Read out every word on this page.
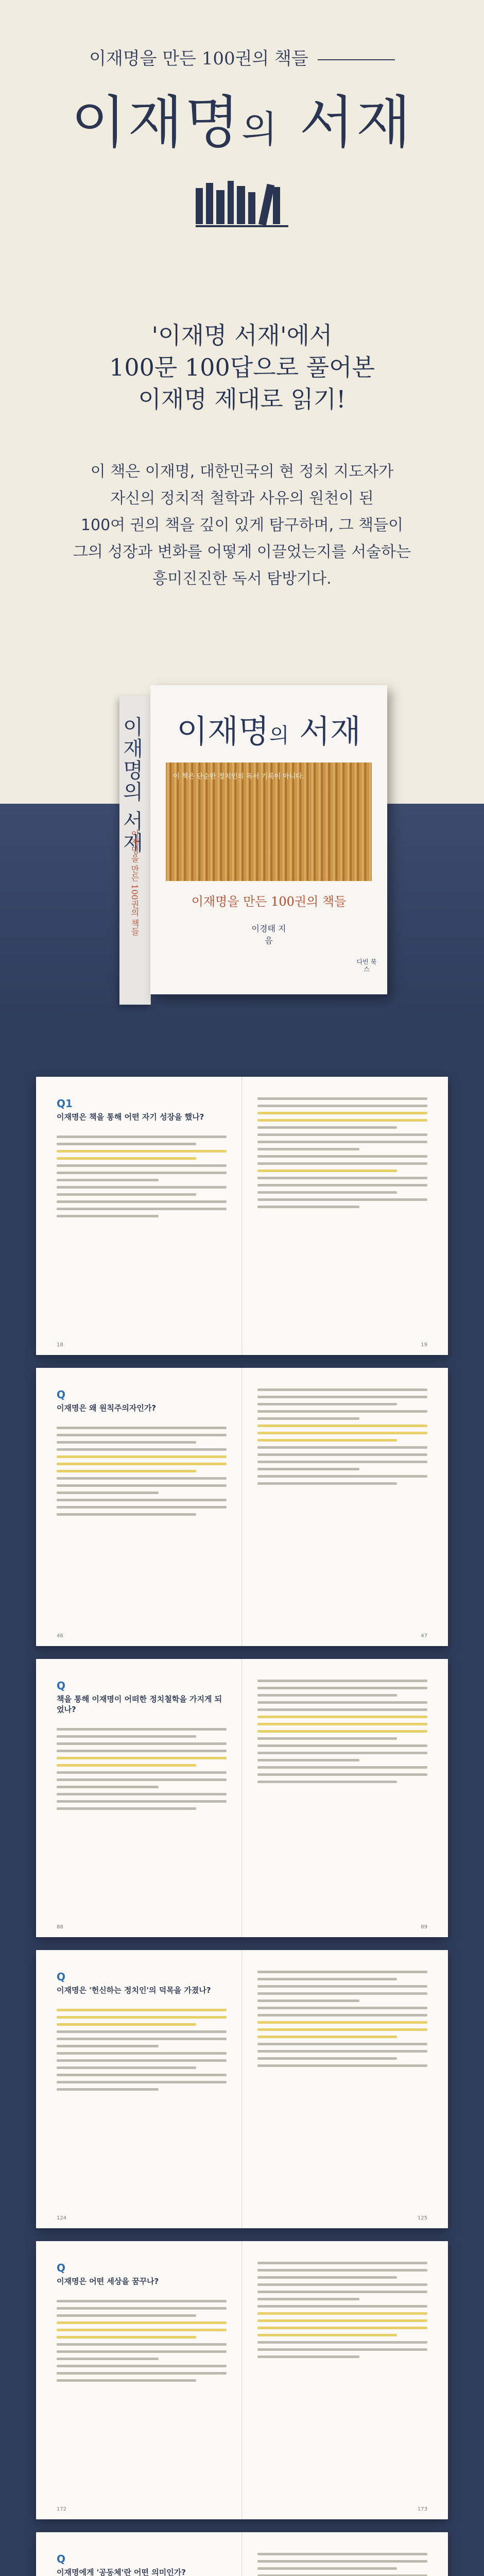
이재명을 만든 100권의 책들
이재명의 서재
'이재명 서재'에서
100문 100답으로 풀어본
이재명 제대로 읽기!
이 책은 이재명, 대한민국의 현 정치 지도자가
자신의 정치적 철학과 사유의 원천이 된
100여 권의 책을 깊이 있게 탐구하며, 그 책들이
그의 성장과 변화를 어떻게 이끌었는지를 서술하는
흥미진진한 독서 탐방기다.
이재명의 서재
이재명을 만든 100권의 책들
이재명의 서재
이 책은 단순한 정치인의 독서 기록이 아니다.
이재명을 만든 100권의 책들
이경태 지음
다빈 북스
Q1
이재명은 책을 통해 어떤 자기 성장을 했나?
18	19
Q
이재명은 왜 원칙주의자인가?
46	47
Q
책을 통해 이재명이 어떠한 정치철학을 가지게 되었나?
88	89
Q
이재명은 '헌신하는 정치인'의 덕목을 가졌나?
124	125
Q
이재명은 어떤 세상을 꿈꾸나?
172	173
Q
이재명에게 '공동체'란 어떤 의미인가?
